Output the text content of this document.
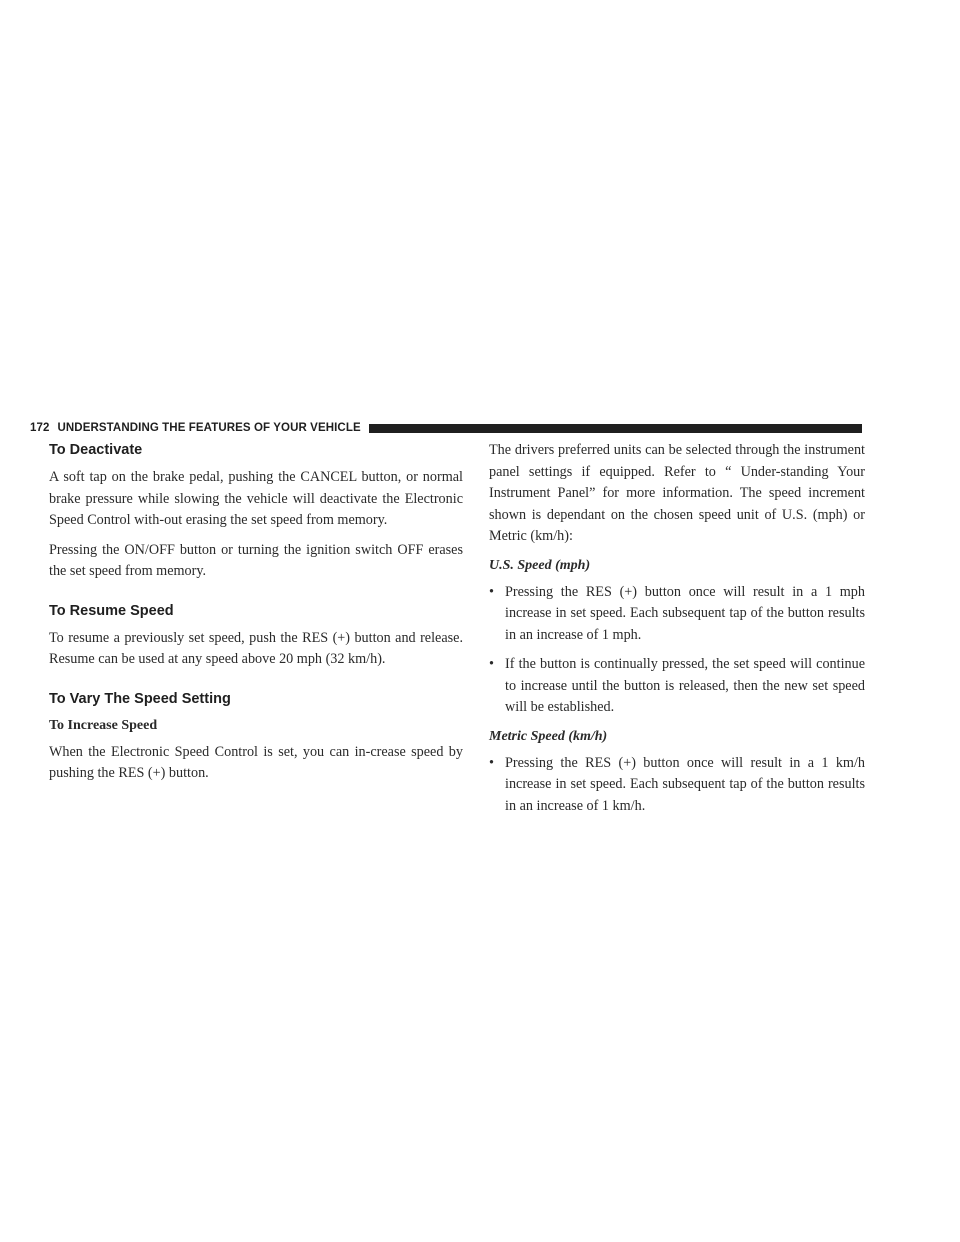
172 UNDERSTANDING THE FEATURES OF YOUR VEHICLE
To Deactivate

A soft tap on the brake pedal, pushing the CANCEL button, or normal brake pressure while slowing the vehicle will deactivate the Electronic Speed Control with-out erasing the set speed from memory.

Pressing the ON/OFF button or turning the ignition switch OFF erases the set speed from memory.

To Resume Speed

To resume a previously set speed, push the RES (+) button and release. Resume can be used at any speed above 20 mph (32 km/h).

To Vary The Speed Setting
To Increase Speed

When the Electronic Speed Control is set, you can in-crease speed by pushing the RES (+) button.

The drivers preferred units can be selected through the instrument panel settings if equipped. Refer to “ Under-standing Your Instrument Panel” for more information. The speed increment shown is dependant on the chosen speed unit of U.S. (mph) or Metric (km/h):

U.S. Speed (mph)
• Pressing the RES (+) button once will result in a 1 mph increase in set speed. Each subsequent tap of the button results in an increase of 1 mph.
• If the button is continually pressed, the set speed will continue to increase until the button is released, then the new set speed will be established.
Metric Speed (km/h)
• Pressing the RES (+) button once will result in a 1 km/h increase in set speed. Each subsequent tap of the button results in an increase of 1 km/h.
